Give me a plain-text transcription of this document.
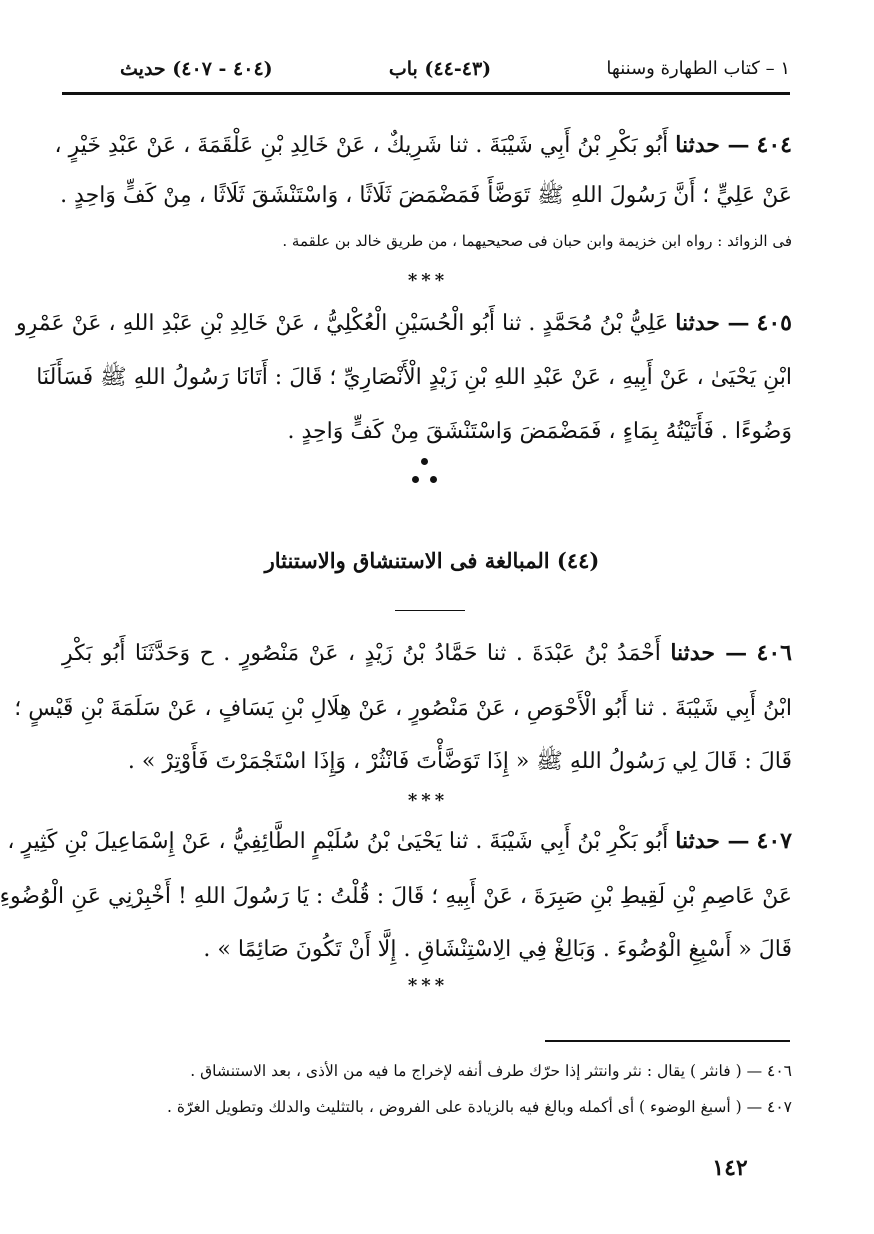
(٤٠٤ - ٤٠٧) حديث	(٤٣-٤٤) باب	١ – كتاب الطهارة وسننها
٤٠٤ — حدثنا أَبُو بَكْرِ بْنُ أَبِي شَيْبَةَ . ثنا شَرِيكٌ ، عَنْ خَالِدِ بْنِ عَلْقَمَةَ ، عَنْ عَبْدِ خَيْرٍ ،
عَنْ عَلِيٍّ ؛ أَنَّ رَسُولَ اللهِ ﷺ تَوَضَّأَ فَمَضْمَضَ ثَلَاثًا ، وَاسْتَنْشَقَ ثَلَاثًا ، مِنْ كَفٍّ وَاحِدٍ .
فى الزوائد : رواه ابن خزيمة وابن حبان فى صحيحيهما ، من طريق خالد بن علقمة .
***
٤٠٥ — حدثنا عَلِيُّ بْنُ مُحَمَّدٍ . ثنا أَبُو الْحُسَيْنِ الْعُكْلِيُّ ، عَنْ خَالِدِ بْنِ عَبْدِ اللهِ ، عَنْ عَمْرِو
ابْنِ يَحْيَىٰ ، عَنْ أَبِيهِ ، عَنْ عَبْدِ اللهِ بْنِ زَيْدٍ الْأَنْصَارِيِّ ؛ قَالَ : أَتَانَا رَسُولُ اللهِ ﷺ فَسَأَلَنَا
وَضُوءًا . فَأَتَيْتُهُ بِمَاءٍ ، فَمَضْمَضَ وَاسْتَنْشَقَ مِنْ كَفٍّ وَاحِدٍ .
(٤٤) المبالغة فى الاستنشاق والاستنثار
٤٠٦ — حدثنا أَحْمَدُ بْنُ عَبْدَةَ . ثنا حَمَّادُ بْنُ زَيْدٍ ، عَنْ مَنْصُورٍ . ح وَحَدَّثَنَا أَبُو بَكْرِ
ابْنُ أَبِي شَيْبَةَ . ثنا أَبُو الْأَحْوَصِ ، عَنْ مَنْصُورٍ ، عَنْ هِلَالِ بْنِ يَسَافٍ ، عَنْ سَلَمَةَ بْنِ قَيْسٍ ؛
قَالَ : قَالَ لِي رَسُولُ اللهِ ﷺ « إِذَا تَوَضَّأْتَ فَانْثُرْ ، وَإِذَا اسْتَجْمَرْتَ فَأَوْتِرْ » .
***
٤٠٧ — حدثنا أَبُو بَكْرِ بْنُ أَبِي شَيْبَةَ . ثنا يَحْيَىٰ بْنُ سُلَيْمٍ الطَّائِفِيُّ ، عَنْ إِسْمَاعِيلَ بْنِ كَثِيرٍ ،
عَنْ عَاصِمِ بْنِ لَقِيطِ بْنِ صَبِرَةَ ، عَنْ أَبِيهِ ؛ قَالَ : قُلْتُ : يَا رَسُولَ اللهِ ! أَخْبِرْنِي عَنِ الْوُضُوءِ
قَالَ « أَسْبِغِ الْوُضُوءَ . وَبَالِغْ فِي الِاسْتِنْشَاقِ . إِلَّا أَنْ تَكُونَ صَائِمًا » .
***
٤٠٦ — ( فانثر ) يقال : نثر وانتثر إذا حرّك طرف أنفه لإخراج ما فيه من الأذى ، بعد الاستنشاق .
٤٠٧ — ( أسبغ الوضوء ) أى أكمله وبالغ فيه بالزيادة على الفروض ، بالتثليث والدلك وتطويل الغرّة .
١٤٢
